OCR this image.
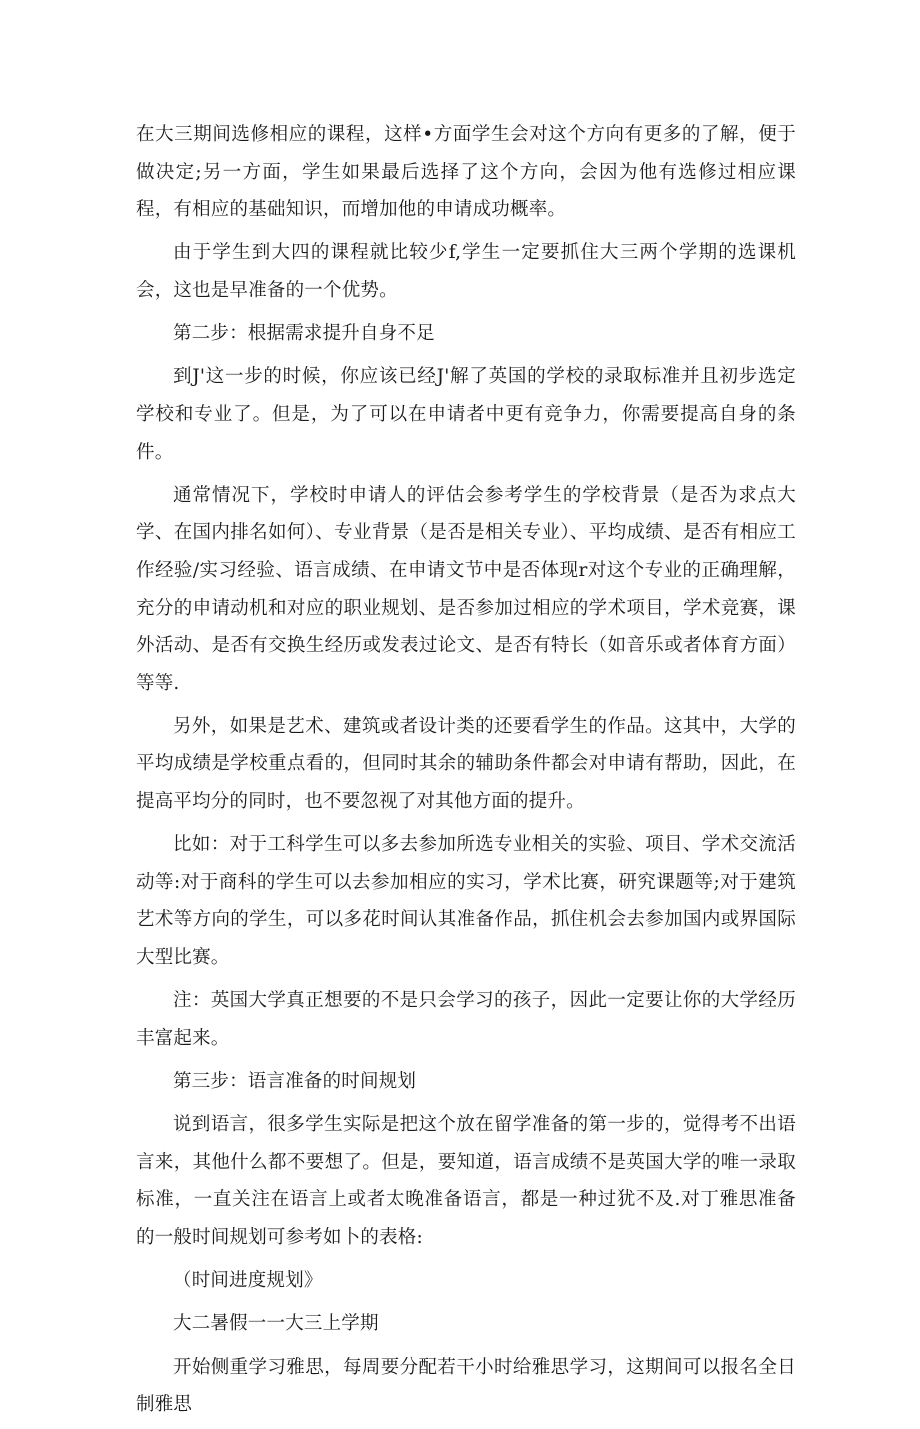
在大三期间选修相应的课程，这样•方面学生会对这个方向有更多的了解，便于做决定;另一方面，学生如果最后选择了这个方向，会因为他有选修过相应课程，有相应的基础知识，而增加他的申请成功概率。

由于学生到大四的课程就比较少f,学生一定要抓住大三两个学期的选课机会，这也是早准备的一个优势。

第二步：根据需求提升自身不足

到J'这一步的时候，你应该已经J'解了英国的学校的录取标准并且初步选定学校和专业了。但是，为了可以在申请者中更有竞争力，你需要提高自身的条件。

通常情况下，学校时申请人的评估会参考学生的学校背景（是否为求点大学、在国内排名如何）、专业背景（是否是相关专业）、平均成绩、是否有相应工作经验/实习经验、语言成绩、在申请文节中是否体现r对这个专业的正确理解，充分的申请动机和对应的职业规划、是否参加过相应的学术项目，学术竞赛，课外活动、是否有交换生经历或发表过论文、是否有特长（如音乐或者体育方面）等等.

另外，如果是艺术、建筑或者设计类的还要看学生的作品。这其中，大学的平均成绩是学校重点看的，但同时其余的辅助条件都会对申请有帮助，因此，在提高平均分的同时，也不要忽视了对其他方面的提升。

比如：对于工科学生可以多去参加所选专业相关的实验、项目、学术交流活动等:对于商科的学生可以去参加相应的实习，学术比赛，研究课题等;对于建筑艺术等方向的学生，可以多花时间认其准备作品，抓住机会去参加国内或界国际大型比赛。

注：英国大学真正想要的不是只会学习的孩子，因此一定要让你的大学经历丰富起来。

第三步：语言准备的时间规划

说到语言，很多学生实际是把这个放在留学准备的第一步的，觉得考不出语言来，其他什么都不要想了。但是，要知道，语言成绩不是英国大学的唯一录取标准，一直关注在语言上或者太晚准备语言，都是一种过犹不及.对丁雅思准备的一般时间规划可参考如卜的表格:

（时间进度规划》

大二暑假一一大三上学期

开始侧重学习雅思，每周要分配若干小时给雅思学习，这期间可以报名全日制雅思
